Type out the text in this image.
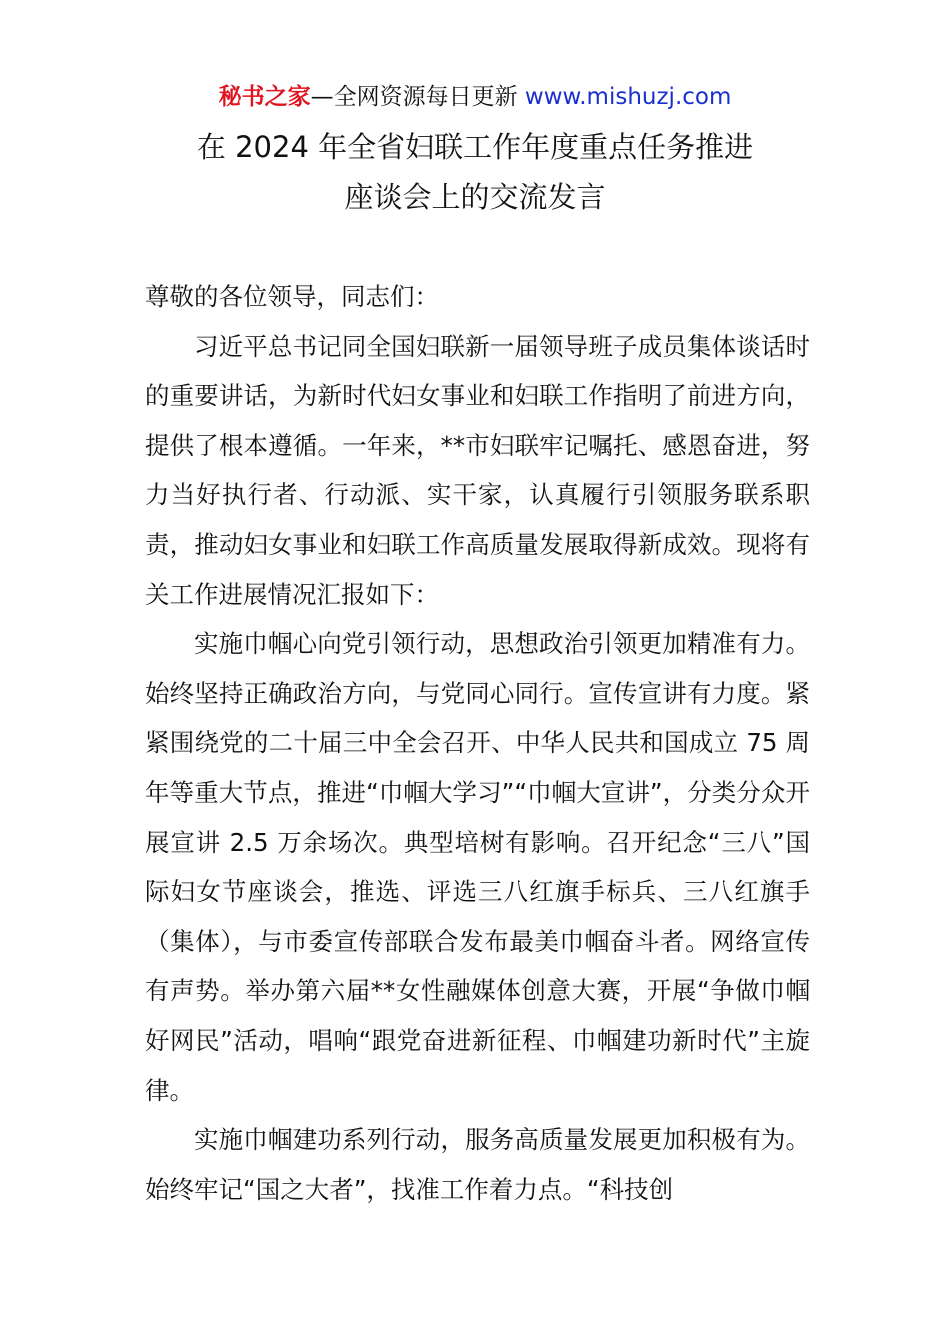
秘书之家—全网资源每日更新 www.mishuzj.com
在 2024 年全省妇联工作年度重点任务推进
座谈会上的交流发言

尊敬的各位领导，同志们：

习近平总书记同全国妇联新一届领导班子成员集体谈话时的重要讲话，为新时代妇女事业和妇联工作指明了前进方向，提供了根本遵循。一年来，**市妇联牢记嘱托、感恩奋进，努力当好执行者、行动派、实干家，认真履行引领服务联系职责，推动妇女事业和妇联工作高质量发展取得新成效。现将有关工作进展情况汇报如下：

实施巾帼心向党引领行动，思想政治引领更加精准有力。始终坚持正确政治方向，与党同心同行。宣传宣讲有力度。紧紧围绕党的二十届三中全会召开、中华人民共和国成立 75 周年等重大节点，推进“巾帼大学习”“巾帼大宣讲”，分类分众开展宣讲 2.5 万余场次。典型培树有影响。召开纪念“三八”国际妇女节座谈会，推选、评选三八红旗手标兵、三八红旗手（集体），与市委宣传部联合发布最美巾帼奋斗者。网络宣传有声势。举办第六届**女性融媒体创意大赛，开展“争做巾帼好网民”活动，唱响“跟党奋进新征程、巾帼建功新时代”主旋律。

实施巾帼建功系列行动，服务高质量发展更加积极有为。始终牢记“国之大者”，找准工作着力点。“科技创
